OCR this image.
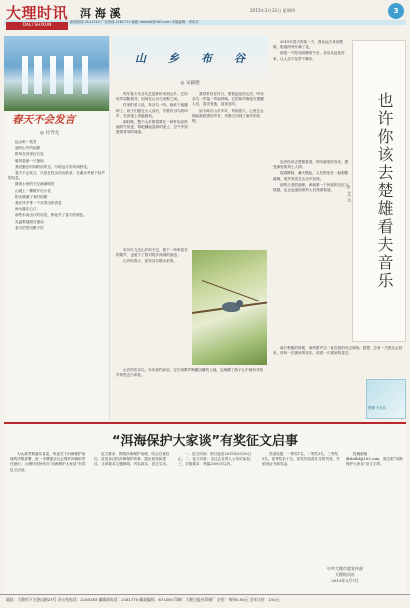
大理时讯
DALI SHIXUN
洱 海 溪	2015年3月12日 星期四	3
新闻热线 2121740 广告热线 2181771 邮箱 dlsbdlsl@163.com 本版编辑：李凤平
春天不会发言
◎ 付齐光

远山听一枝雪

遥听山中的寂静

野草在河里红石处

暖风是最一片葱绿

我们聚在时间的河岸边，写给远方的风和野花。

春天不会发言，只是在枝头结出新芽，在溪水旁留下轻声的叹息。

静看水里的天空渐渐明亮

山坡上一棵树开出小花

阳光铺满了来时的路

我在风中等一个未寄出的消息

雨水落在心口

那些未说出口的话语，都化作了春天的颜色。

光温柔地照在窗前

春天依然沉默不语

山乡布谷
◎ 宋毅德

每年春天布谷鸟总是准时来到山乡，它的叫声清脆悦耳，回荡在山谷与田野之间。

村里的老人说，布谷鸟一叫，就该下地播种了。孩子们跟在大人身后，学着布谷鸟的叫声，在田埂上奔跑嬉戏。

那时候，整个山乡都笼罩在一种朴实而热闹的气氛里，犁耙翻起湿润的泥土，空气中弥漫着青草的味道。

我常常站在村口，望着远处的山峦，听布谷鸟一声接一声地呼唤。它的叫声像是在提醒人们，春光易逝，莫误农时。

如今离开山乡多年，每到春天，心里总会响起那熟悉的声音，仿佛又回到了童年的田野。

布谷鸟飞过山乡的天空，留下一串串悠长的歌声，也留下了我对故乡深深的眷恋。

山乡的春天，是布谷鸟唱出来的。

山乡的布谷鸟，年年如约而至。它们用歌声唤醒沉睡的土地，也唤醒了游子心中那份对故乡的思念与牵挂。

2015年春天的某一天，我从远方来到楚雄，街道两旁开满了花。

那是一个阳光明媚的午后，音乐从远处传来，让人忍不住停下脚步。

也许你该去楚雄看夫音乐
◎ 艾 元

也许你该去楚雄看看，听听那里的音乐，感受那里的风土人情。

夜幕降临，篝火燃起，人们围坐在一起唱歌跳舞，欢声笑语在山谷中回荡。

那些古老的旋律，承载着一个民族的记忆与情感，也让远道而来的人们深深着迷。

离开楚雄的时候，那些歌声还一直在我的耳边回响。我想，总有一天我还会回来，再听一次那里的音乐，再看一次那里的星空。

楚雄·夫音乐
“洱海保护大家谈”有奖征文启事

为认真贯彻落实省委、州委关于洱海保护治理的决策部署，进一步增强全社会保护洱海的责任意识，大理时讯特举办“洱海保护大家谈”有奖征文活动。

征文要求：围绕洱海保护治理，结合自身经历，讲述身边的洱海保护故事，提出意见和建议。文章要求主题鲜明、内容真实、语言生动。

一、征文时间：即日起至2015年6月30日止。二、征文对象：全社会各界人士均可参加。三、字数要求：每篇2000字以内。

奖项设置：一等奖1名，二等奖3名，三等奖5名，优秀奖若干名。获奖作品将在本报刊登，并颁发证书和奖金。

投稿邮箱：dlsbdlsl@163.com，请注明“洱海保护大家谈”征文字样。

中共大理市委宣传部
大理时讯社
2015年3月7日
地址：大理市下关苍山路23号 办公室电话：2183183 编辑部电话：2181770 邮政编码：671000 印刷：大理日报社印刷厂 定价：每份0.50元 全年订价：150元
